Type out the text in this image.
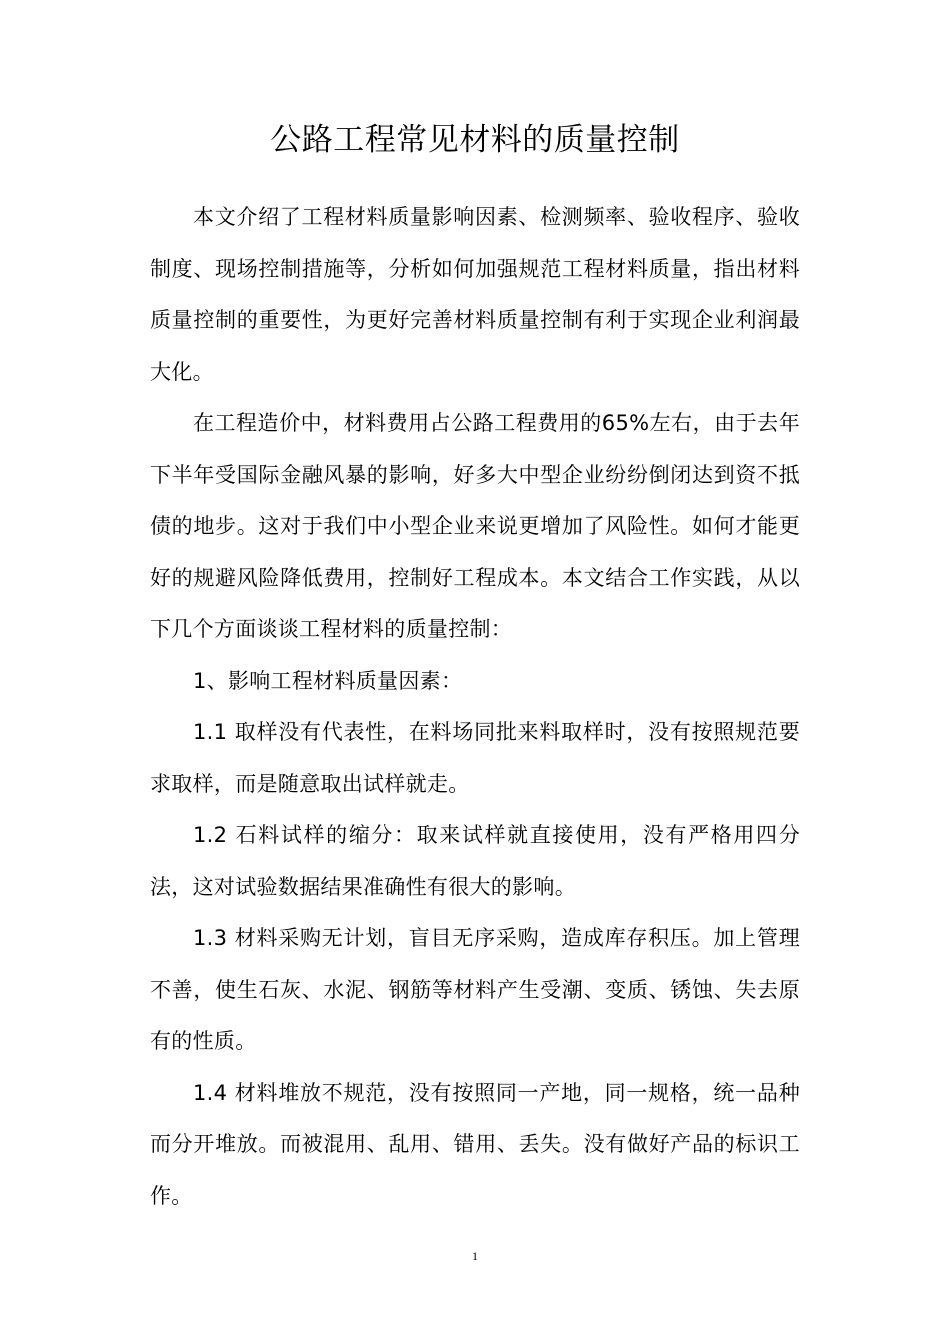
公路工程常见材料的质量控制

本文介绍了工程材料质量影响因素、检测频率、验收程序、验收制度、现场控制措施等，分析如何加强规范工程材料质量，指出材料质量控制的重要性，为更好完善材料质量控制有利于实现企业利润最大化。

在工程造价中，材料费用占公路工程费用的65%左右，由于去年下半年受国际金融风暴的影响，好多大中型企业纷纷倒闭达到资不抵债的地步。这对于我们中小型企业来说更增加了风险性。如何才能更好的规避风险降低费用，控制好工程成本。本文结合工作实践，从以下几个方面谈谈工程材料的质量控制：

1、影响工程材料质量因素：

1.1 取样没有代表性，在料场同批来料取样时，没有按照规范要求取样，而是随意取出试样就走。

1.2 石料试样的缩分：取来试样就直接使用，没有严格用四分法，这对试验数据结果准确性有很大的影响。

1.3 材料采购无计划，盲目无序采购，造成库存积压。加上管理不善，使生石灰、水泥、钢筋等材料产生受潮、变质、锈蚀、失去原有的性质。

1.4 材料堆放不规范，没有按照同一产地，同一规格，统一品种而分开堆放。而被混用、乱用、错用、丢失。没有做好产品的标识工作。

1
